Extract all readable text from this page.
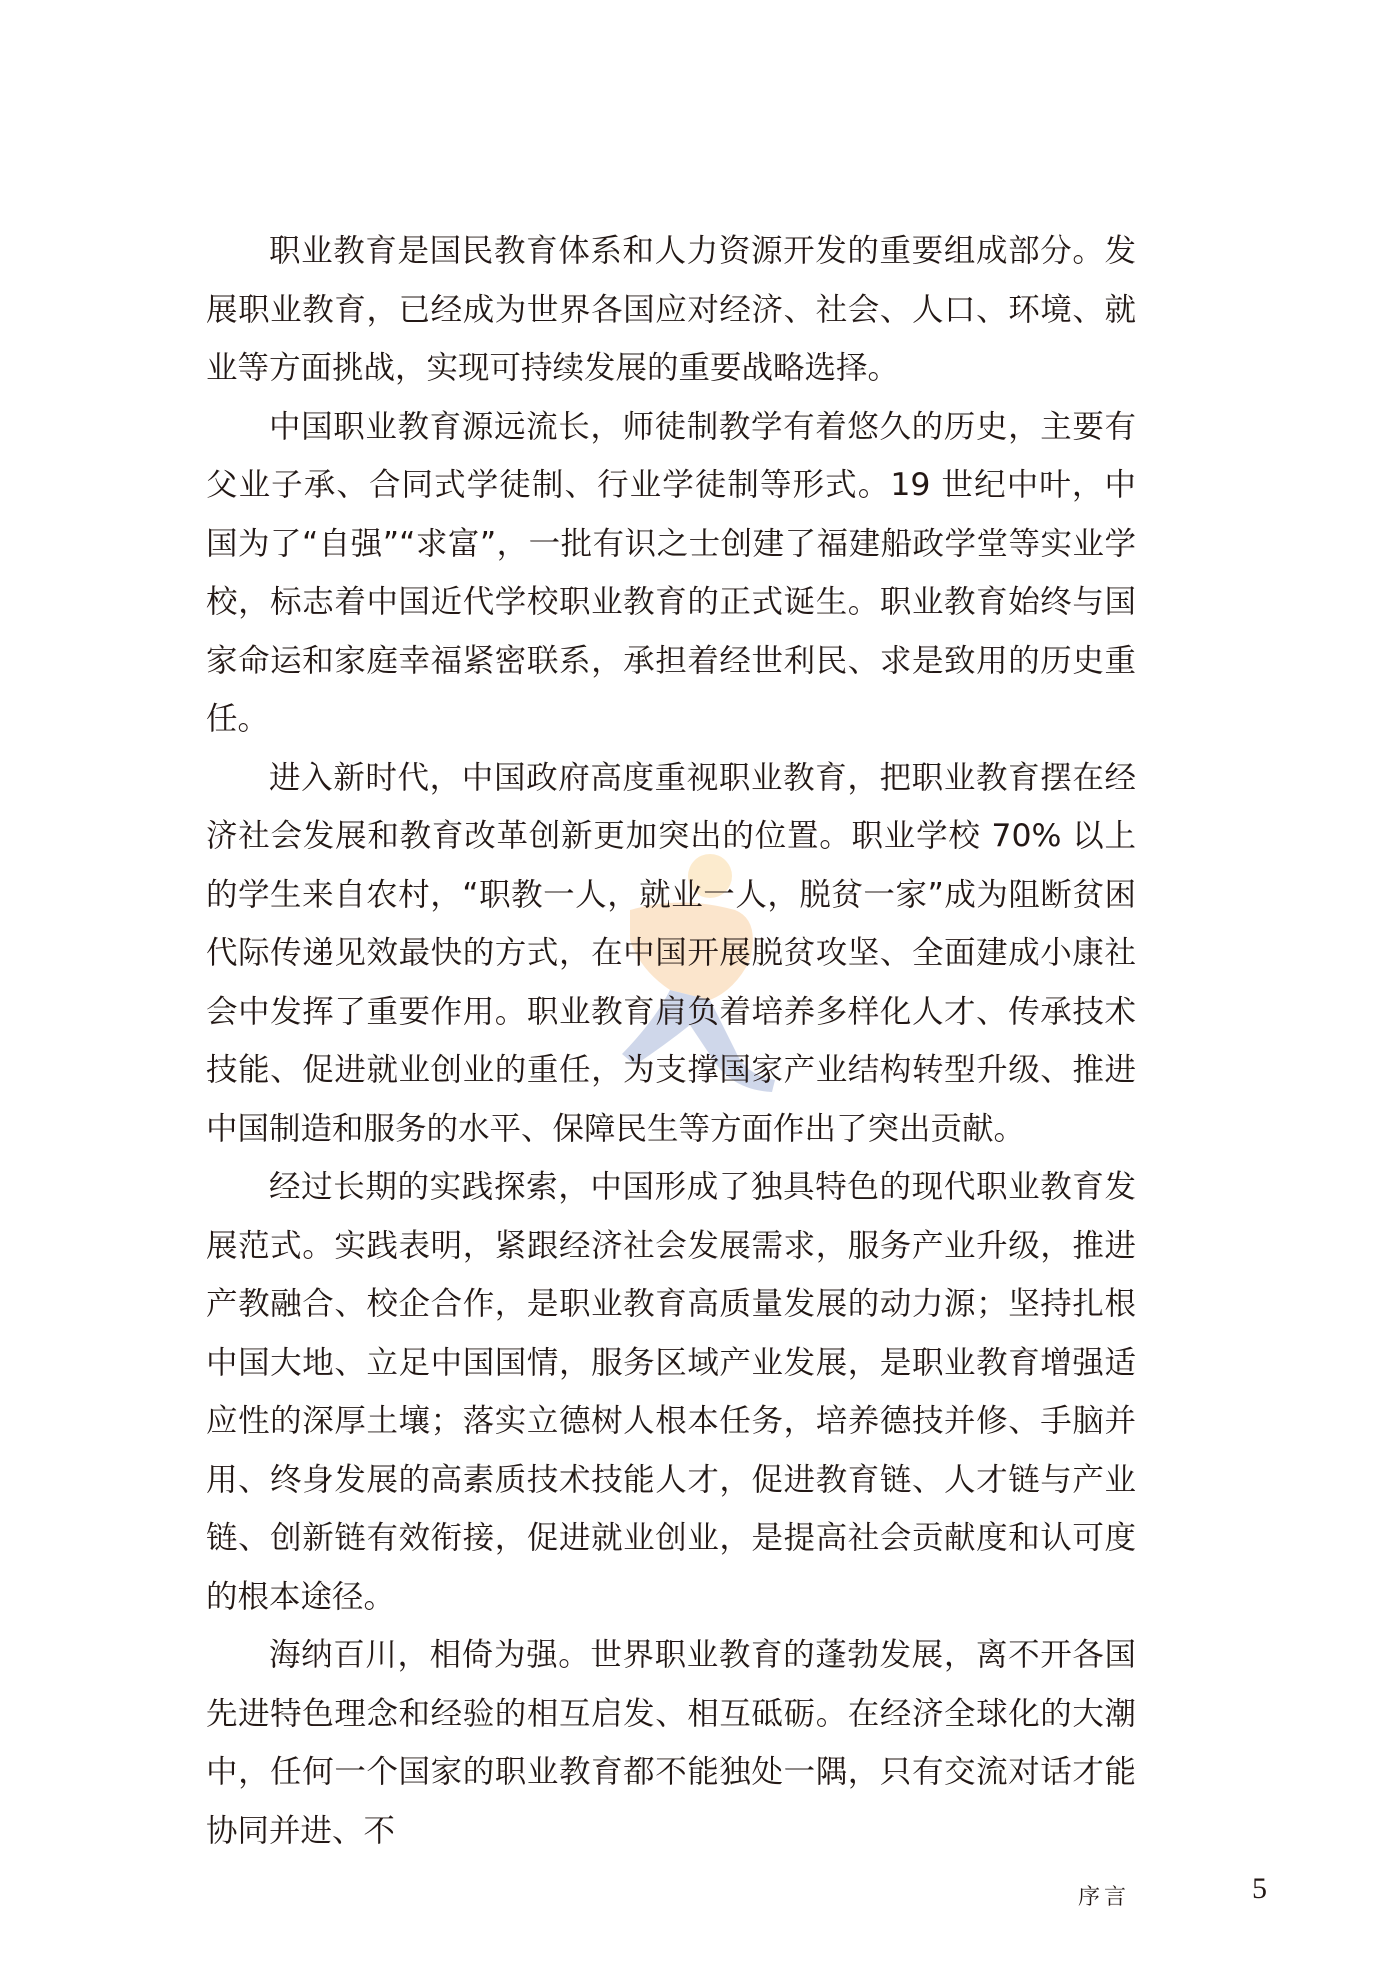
职业教育是国民教育体系和人力资源开发的重要组成部分。发展职业教育，已经成为世界各国应对经济、社会、人口、环境、就业等方面挑战，实现可持续发展的重要战略选择。

中国职业教育源远流长，师徒制教学有着悠久的历史，主要有父业子承、合同式学徒制、行业学徒制等形式。19 世纪中叶，中国为了“自强”“求富”，一批有识之士创建了福建船政学堂等实业学校，标志着中国近代学校职业教育的正式诞生。职业教育始终与国家命运和家庭幸福紧密联系，承担着经世利民、求是致用的历史重任。

进入新时代，中国政府高度重视职业教育，把职业教育摆在经济社会发展和教育改革创新更加突出的位置。职业学校 70% 以上的学生来自农村，“职教一人，就业一人，脱贫一家”成为阻断贫困代际传递见效最快的方式，在中国开展脱贫攻坚、全面建成小康社会中发挥了重要作用。职业教育肩负着培养多样化人才、传承技术技能、促进就业创业的重任，为支撑国家产业结构转型升级、推进中国制造和服务的水平、保障民生等方面作出了突出贡献。

经过长期的实践探索，中国形成了独具特色的现代职业教育发展范式。实践表明，紧跟经济社会发展需求，服务产业升级，推进产教融合、校企合作，是职业教育高质量发展的动力源；坚持扎根中国大地、立足中国国情，服务区域产业发展，是职业教育增强适应性的深厚土壤；落实立德树人根本任务，培养德技并修、手脑并用、终身发展的高素质技术技能人才，促进教育链、人才链与产业链、创新链有效衔接，促进就业创业，是提高社会贡献度和认可度的根本途径。

海纳百川，相倚为强。世界职业教育的蓬勃发展，离不开各国先进特色理念和经验的相互启发、相互砥砺。在经济全球化的大潮中，任何一个国家的职业教育都不能独处一隅，只有交流对话才能协同并进、不

序言	5
